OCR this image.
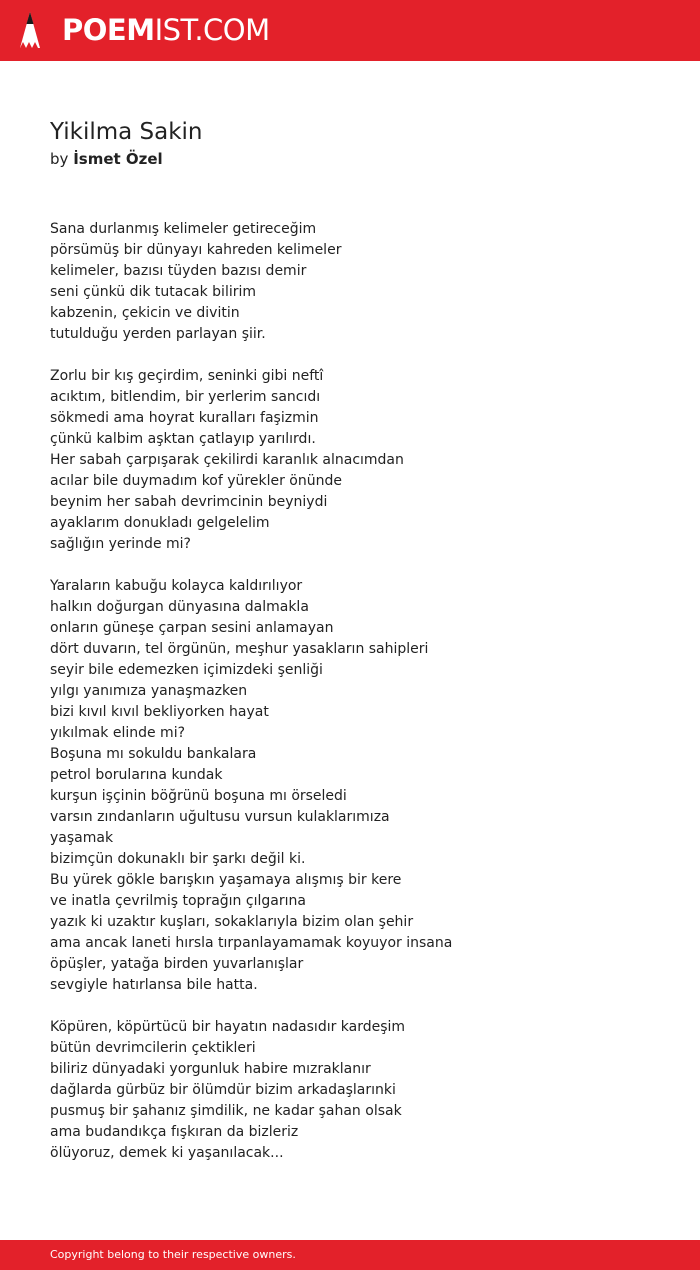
POEMIST.COM
Yikilma Sakin
by İsmet Özel
Sana durlanmış kelimeler getireceğim
pörsümüş bir dünyayı kahreden kelimeler
kelimeler, bazısı tüyden bazısı demir
seni çünkü dik tutacak bilirim
kabzenin, çekicin ve divitin
tutulduğu yerden parlayan şiir.
Zorlu bir kış geçirdim, seninki gibi neftî
acıktım, bitlendim, bir yerlerim sancıdı
sökmedi ama hoyrat kuralları faşizmin
çünkü kalbim aşktan çatlayıp yarılırdı.
Her sabah çarpışarak çekilirdi karanlık alnacımdan
acılar bile duymadım kof yürekler önünde
beynim her sabah devrimcinin beyniydi
ayaklarım donukladı gelgelelim
sağlığın yerinde mi?
Yaraların kabuğu kolayca kaldırılıyor
halkın doğurgan dünyasına dalmakla
onların güneşe çarpan sesini anlamayan
dört duvarın, tel örgünün, meşhur yasakların sahipleri
seyir bile edemezken içimizdeki şenliği
yılgı yanımıza yanaşmazken
bizi kıvıl kıvıl bekliyorken hayat
yıkılmak elinde mi?
Boşuna mı sokuldu bankalara
petrol borularına kundak
kurşun işçinin böğrünü boşuna mı örseledi
varsın zındanların uğultusu vursun kulaklarımıza
yaşamak
bizimçün dokunaklı bir şarkı değil ki.
Bu yürek gökle barışkın yaşamaya alışmış bir kere
ve inatla çevrilmiş toprağın çılgarına
yazık ki uzaktır kuşları, sokaklarıyla bizim olan şehir
ama ancak laneti hırsla tırpanlayamamak koyuyor insana
öpüşler, yatağa birden yuvarlanışlar
sevgiyle hatırlansa bile hatta.
Köpüren, köpürtücü bir hayatın nadasıdır kardeşim
bütün devrimcilerin çektikleri
biliriz dünyadaki yorgunluk habire mızraklanır
dağlarda gürbüz bir ölümdür bizim arkadaşlarınki
pusmuş bir şahanız şimdilik, ne kadar şahan olsak
ama budandıkça fışkıran da bizleriz
ölüyoruz, demek ki yaşanılacak...
Copyright belong to their respective owners.
